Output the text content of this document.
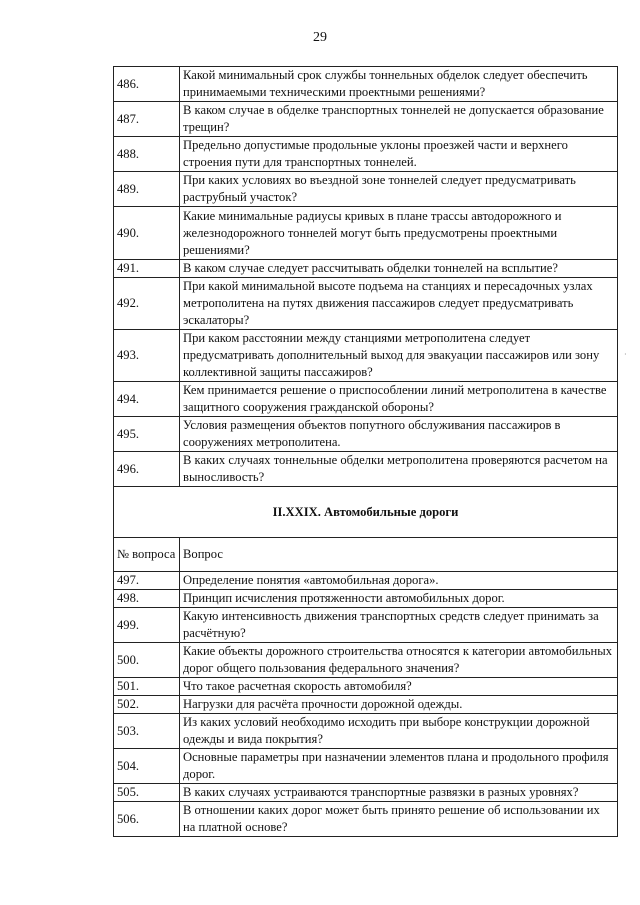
29
486.	Какой минимальный срок службы тоннельных обделок следует обеспечить принимаемыми техническими проектными решениями?
487.	В каком случае в обделке транспортных тоннелей не допускается образование трещин?
488.	Предельно допустимые продольные уклоны проезжей части и верхнего строения пути для транспортных тоннелей.
489.	При каких условиях во въездной зоне тоннелей следует предусматривать раструбный участок?
490.	Какие минимальные радиусы кривых в плане трассы автодорожного и железнодорожного тоннелей могут быть предусмотрены проектными решениями?
491.	В каком случае следует рассчитывать обделки тоннелей на всплытие?
492.	При какой минимальной высоте подъема на станциях и пересадочных узлах метрополитена на путях движения пассажиров следует предусматривать эскалаторы?
493.	При каком расстоянии между станциями метрополитена следует предусматривать дополнительный выход для эвакуации пассажиров или зону коллективной защиты пассажиров?
494.	Кем принимается решение о приспособлении линий метрополитена в качестве защитного сооружения гражданской обороны?
495.	Условия размещения объектов попутного обслуживания пассажиров в сооружениях метрополитена.
496.	В каких случаях тоннельные обделки метрополитена проверяются расчетом на выносливость?
II.XXIX. Автомобильные дороги	
№ вопроса	Вопрос
497.	Определение понятия «автомобильная дорога».
498.	Принцип исчисления протяженности автомобильных дорог.
499.	Какую интенсивность движения транспортных средств следует принимать за расчётную?
500.	Какие объекты дорожного строительства относятся к категории автомобильных дорог общего пользования федерального значения?
501.	Что такое расчетная скорость автомобиля?
502.	Нагрузки для расчёта прочности дорожной одежды.
503.	Из каких условий необходимо исходить при выборе конструкции дорожной одежды и вида покрытия?
504.	Основные параметры при назначении элементов плана и продольного профиля дорог.
505.	В каких случаях устраиваются транспортные развязки в разных уровнях?
506.	В отношении каких дорог может быть принято решение об использовании их на платной основе?
·
